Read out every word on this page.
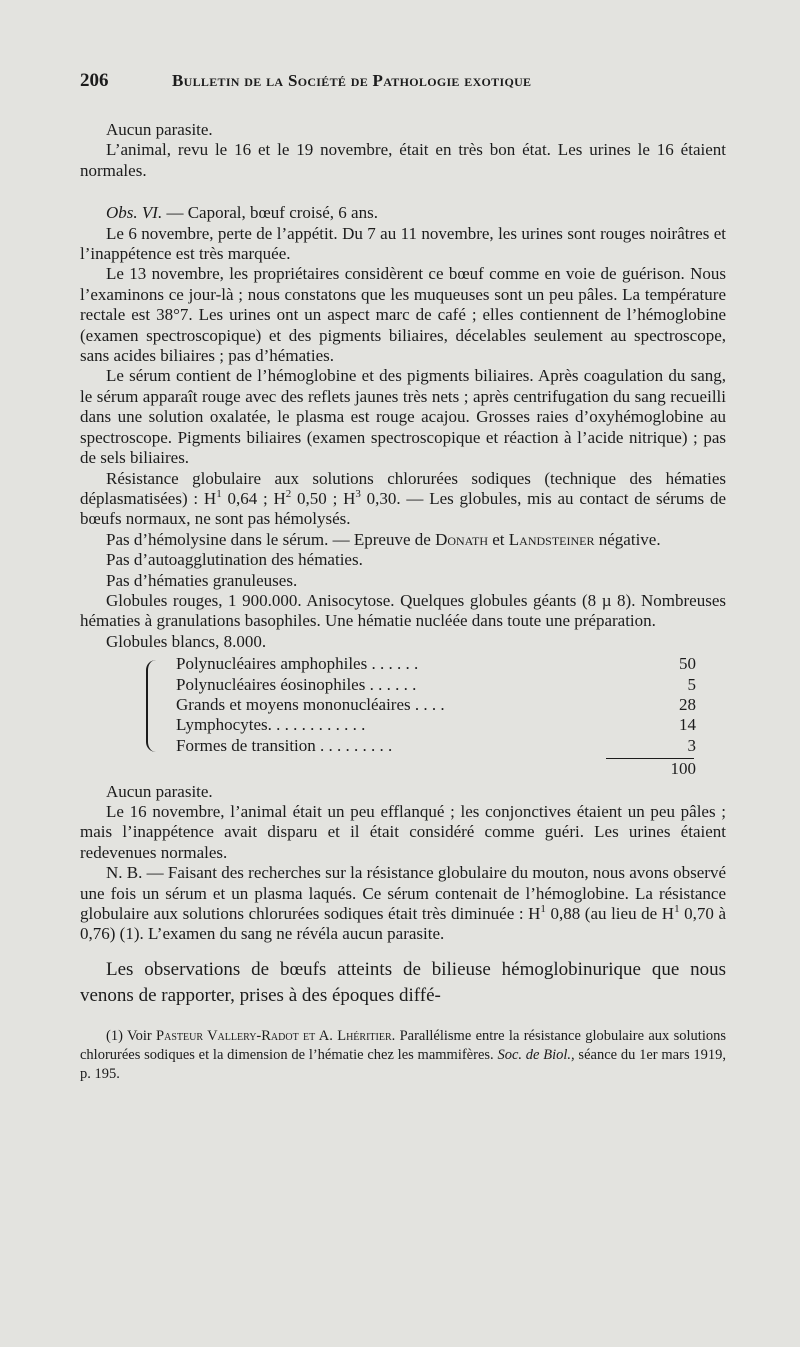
206	Bulletin de la Société de Pathologie exotique

Aucun parasite.

L’animal, revu le 16 et le 19 novembre, était en très bon état. Les urines le 16 étaient normales.

Obs. VI. — Caporal, bœuf croisé, 6 ans.

Le 6 novembre, perte de l’appétit. Du 7 au 11 novembre, les urines sont rouges noirâtres et l’inappétence est très marquée.

Le 13 novembre, les propriétaires considèrent ce bœuf comme en voie de guérison. Nous l’examinons ce jour-là ; nous constatons que les muqueuses sont un peu pâles. La température rectale est 38°7. Les urines ont un aspect marc de café ; elles contiennent de l’hémoglobine (examen spectroscopique) et des pigments biliaires, décelables seulement au spectroscope, sans acides biliaires ; pas d’hématies.

Le sérum contient de l’hémoglobine et des pigments biliaires. Après coagulation du sang, le sérum apparaît rouge avec des reflets jaunes très nets ; après centrifugation du sang recueilli dans une solution oxalatée, le plasma est rouge acajou. Grosses raies d’oxyhémoglobine au spectroscope. Pigments biliaires (examen spectroscopique et réaction à l’acide nitrique) ; pas de sels biliaires.

Résistance globulaire aux solutions chlorurées sodiques (technique des hématies déplasmatisées) : $H^1$ 0,64 ; $H^2$ 0,50 ; $H^3$ 0,30. — Les globules, mis au contact de sérums de bœufs normaux, ne sont pas hémolysés.

Pas d’hémolysine dans le sérum. — Epreuve de Donath et Landsteiner négative.

Pas d’autoagglutination des hématies.

Pas d’hématies granuleuses.

Globules rouges, 1 900.000. Anisocytose. Quelques globules géants (8 µ 8). Nombreuses hématies à granulations basophiles. Une hématie nucléée dans toute une préparation.

Globules blancs, 8.000.

Polynucléaires amphophiles . . . . . .	50
Polynucléaires éosinophiles . . . . . .	5
Grands et moyens mononucléaires . . . .	28
Lymphocytes. . . . . . . . . . . .	14
Formes de transition . . . . . . . . .	3
100

Aucun parasite.

Le 16 novembre, l’animal était un peu efflanqué ; les conjonctives étaient un peu pâles ; mais l’inappétence avait disparu et il était considéré comme guéri. Les urines étaient redevenues normales.

N. B. — Faisant des recherches sur la résistance globulaire du mouton, nous avons observé une fois un sérum et un plasma laqués. Ce sérum contenait de l’hémoglobine. La résistance globulaire aux solutions chlorurées sodiques était très diminuée : $H^1$ 0,88 (au lieu de $H^1$ 0,70 à 0,76) (1). L’examen du sang ne révéla aucun parasite.

Les observations de bœufs atteints de bilieuse hémoglobinurique que nous venons de rapporter, prises à des époques diffé-

(1) Voir Pasteur Vallery-Radot et A. Lhéritier. Parallélisme entre la résistance globulaire aux solutions chlorurées sodiques et la dimension de l’hématie chez les mammifères. Soc. de Biol., séance du 1er mars 1919, p. 195.
